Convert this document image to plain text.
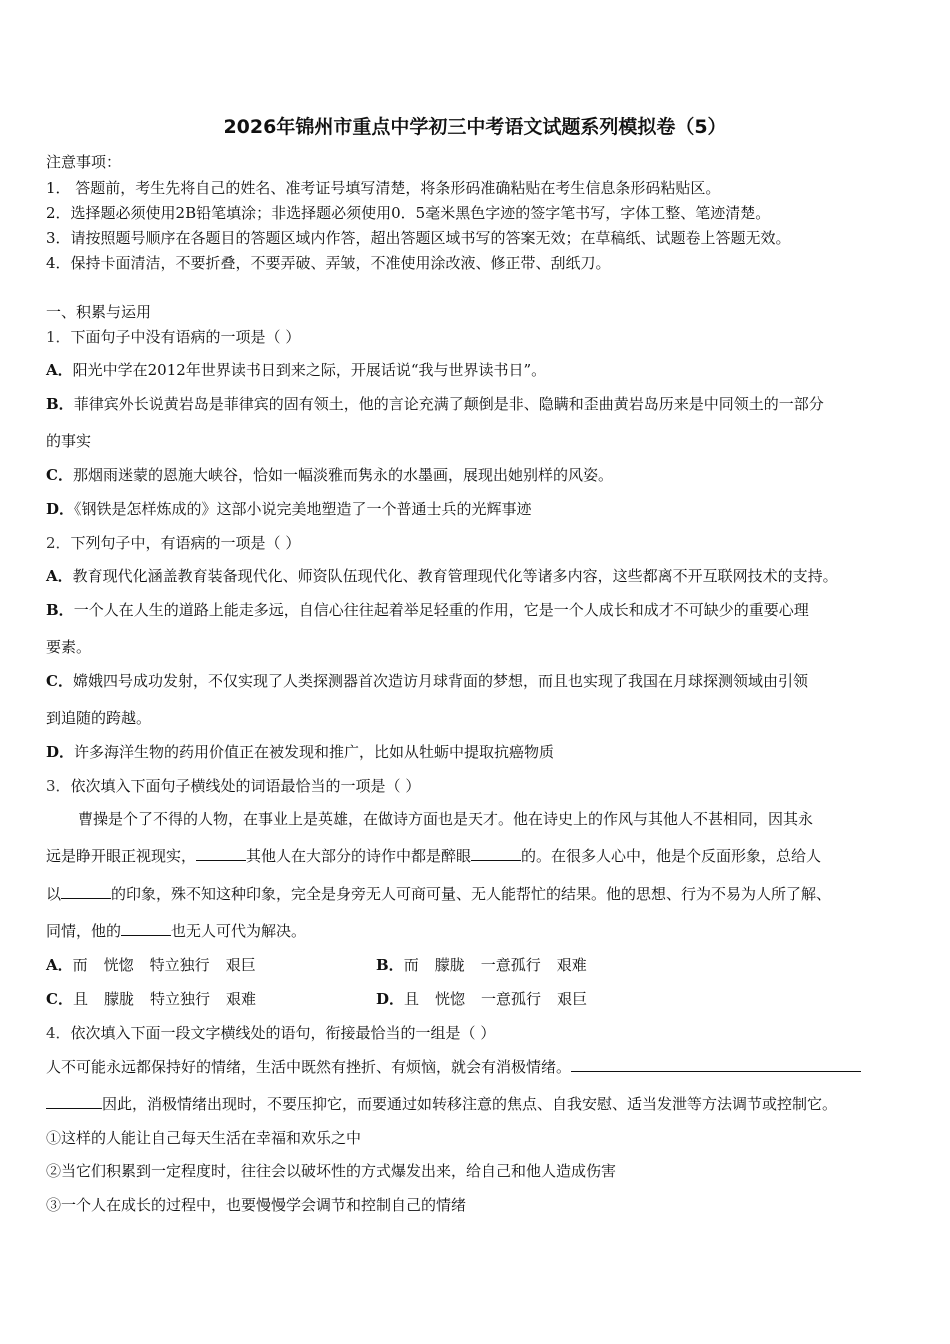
2026年锦州市重点中学初三中考语文试题系列模拟卷（5）
注意事项：
1． 答题前，考生先将自己的姓名、准考证号填写清楚，将条形码准确粘贴在考生信息条形码粘贴区。
2．选择题必须使用2B铅笔填涂；非选择题必须使用0．5毫米黑色字迹的签字笔书写，字体工整、笔迹清楚。
3．请按照题号顺序在各题目的答题区域内作答，超出答题区域书写的答案无效；在草稿纸、试题卷上答题无效。
4．保持卡面清洁，不要折叠，不要弄破、弄皱，不准使用涂改液、修正带、刮纸刀。
一、积累与运用
1．下面句子中没有语病的一项是（ ）
A．阳光中学在2012年世界读书日到来之际，开展话说“我与世界读书日”。
B．菲律宾外长说黄岩岛是菲律宾的固有领土，他的言论充满了颠倒是非、隐瞒和歪曲黄岩岛历来是中同领土的一部分
的事实
C．那烟雨迷蒙的恩施大峡谷，恰如一幅淡雅而隽永的水墨画，展现出她别样的风姿。
D．《钢铁是怎样炼成的》这部小说完美地塑造了一个普通士兵的光辉事迹
2．下列句子中，有语病的一项是（ ）
A．教育现代化涵盖教育装备现代化、师资队伍现代化、教育管理现代化等诸多内容，这些都离不开互联网技术的支持。
B．一个人在人生的道路上能走多远，自信心往往起着举足轻重的作用，它是一个人成长和成才不可缺少的重要心理
要素。
C．嫦娥四号成功发射，不仅实现了人类探测器首次造访月球背面的梦想，而且也实现了我国在月球探测领域由引领
到追随的跨越。
D．许多海洋生物的药用价值正在被发现和推广，比如从牡蛎中提取抗癌物质
3．依次填入下面句子横线处的词语最恰当的一项是（ ）
曹操是个了不得的人物，在事业上是英雄，在做诗方面也是天才。他在诗史上的作风与其他人不甚相同，因其永
远是睁开眼正视现实，	其他人在大部分的诗作中都是醉眼	的。在很多人心中，他是个反面形象，总给人
以	的印象，殊不知这种印象，完全是身旁无人可商可量、无人能帮忙的结果。他的思想、行为不易为人所了解、
同情，他的	也无人可代为解决。
A．而 恍惚 特立独行 艰巨	B．而 朦胧 一意孤行 艰难
C．且 朦胧 特立独行 艰难	D．且 恍惚 一意孤行 艰巨
4．依次填入下面一段文字横线处的语句，衔接最恰当的一组是（ ）
人不可能永远都保持好的情绪，生活中既然有挫折、有烦恼，就会有消极情绪。
因此，消极情绪出现时，不要压抑它，而要通过如转移注意的焦点、自我安慰、适当发泄等方法调节或控制它。
①这样的人能让自己每天生活在幸福和欢乐之中
②当它们积累到一定程度时，往往会以破坏性的方式爆发出来，给自己和他人造成伤害
③一个人在成长的过程中，也要慢慢学会调节和控制自己的情绪
